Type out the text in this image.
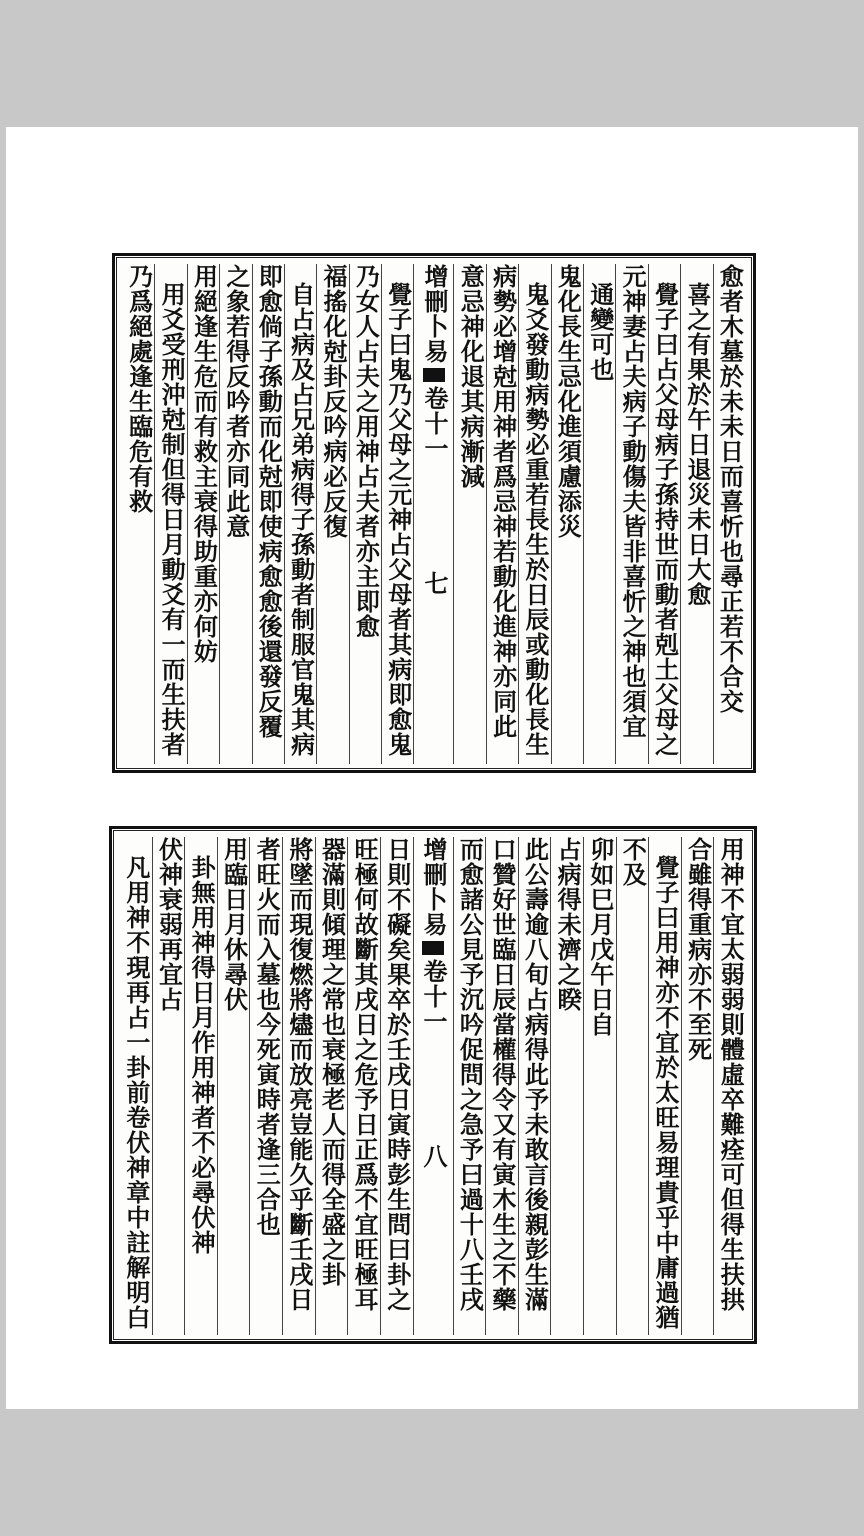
愈者木墓於未未日而喜忻也尋正若不合交
喜之有果於午日退災未日大愈
覺子曰占父母病子孫持世而動者剋土父母之
元神妻占夫病子動傷夫皆非喜忻之神也須宜
通變可也
鬼化長生忌化進須慮添災
鬼爻發動病勢必重若長生於日辰或動化長生
病勢必增尅用神者爲忌神若動化進神亦同此
意忌神化退其病漸減
增刪卜易
卷十一
七
覺子曰鬼乃父母之元神占父母者其病即愈鬼
乃女人占夫之用神占夫者亦主即愈
福搖化尅卦反吟病必反復
自占病及占兄弟病得子孫動者制服官鬼其病
即愈倘子孫動而化尅即使病愈愈後還發反覆
之象若得反吟者亦同此意
用絕逢生危而有救主衰得助重亦何妨
用爻受刑沖尅制但得日月動爻有一而生扶者
乃爲絕處逢生臨危有救
用神不宜太弱弱則體虛卒難痊可但得生扶拱
合雖得重病亦不至死
覺子曰用神亦不宜於太旺易理貴乎中庸過猶
不及
卯如巳月戊午日自
占病得未濟之睽
此公壽逾八旬占病得此予未敢言後親彭生滿
口贊好世臨日辰當權得令又有寅木生之不藥
而愈諸公見予沉吟促問之急予曰過十八壬戌
增刪卜易
卷十一
八
日則不礙矣果卒於壬戌日寅時彭生問曰卦之
旺極何故斷其戌日之危予日正爲不宜旺極耳
器滿則傾理之常也衰極老人而得全盛之卦
將墜而現復燃將燼而放亮豈能久乎斷壬戌日
者旺火而入墓也今死寅時者逢三合也
用臨日月休尋伏
卦無用神得日月作用神者不必尋伏神
伏神衰弱再宜占
凡用神不現再占一卦前卷伏神章中註解明白
